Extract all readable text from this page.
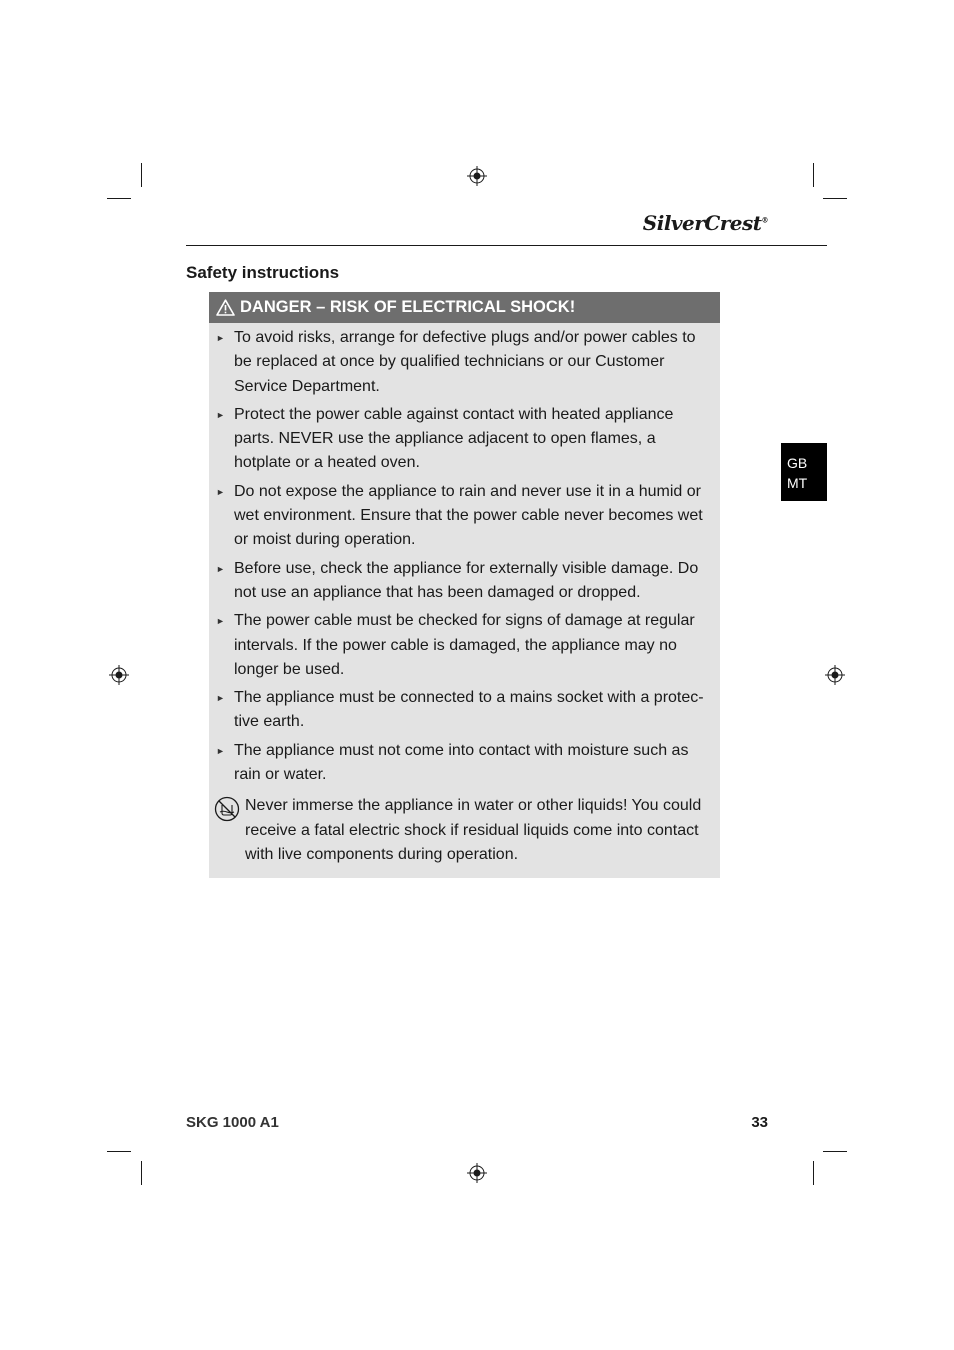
SilverCrest®
Safety instructions
GB
MT
DANGER – RISK OF ELECTRICAL SHOCK!
► To avoid risks, arrange for defective plugs and/or power cables to be replaced at once by qualified technicians or our Customer Service Department.
► Protect the power cable against contact with heated appliance parts. NEVER use the appliance adjacent to open flames, a hotplate or a heated oven.
► Do not expose the appliance to rain and never use it in a humid or wet environment. Ensure that the power cable never becomes wet or moist during operation.
► Before use, check the appliance for externally visible damage. Do not use an appliance that has been damaged or dropped.
► The power cable must be checked for signs of damage at regular intervals. If the power cable is damaged, the appliance may no longer be used.
► The appliance must be connected to a mains socket with a protec-tive earth.
► The appliance must not come into contact with moisture such as rain or water.
Never immerse the appliance in water or other liquids! You could receive a fatal electric shock if residual liquids come into contact with live components during operation.
SKG 1000 A1	33
